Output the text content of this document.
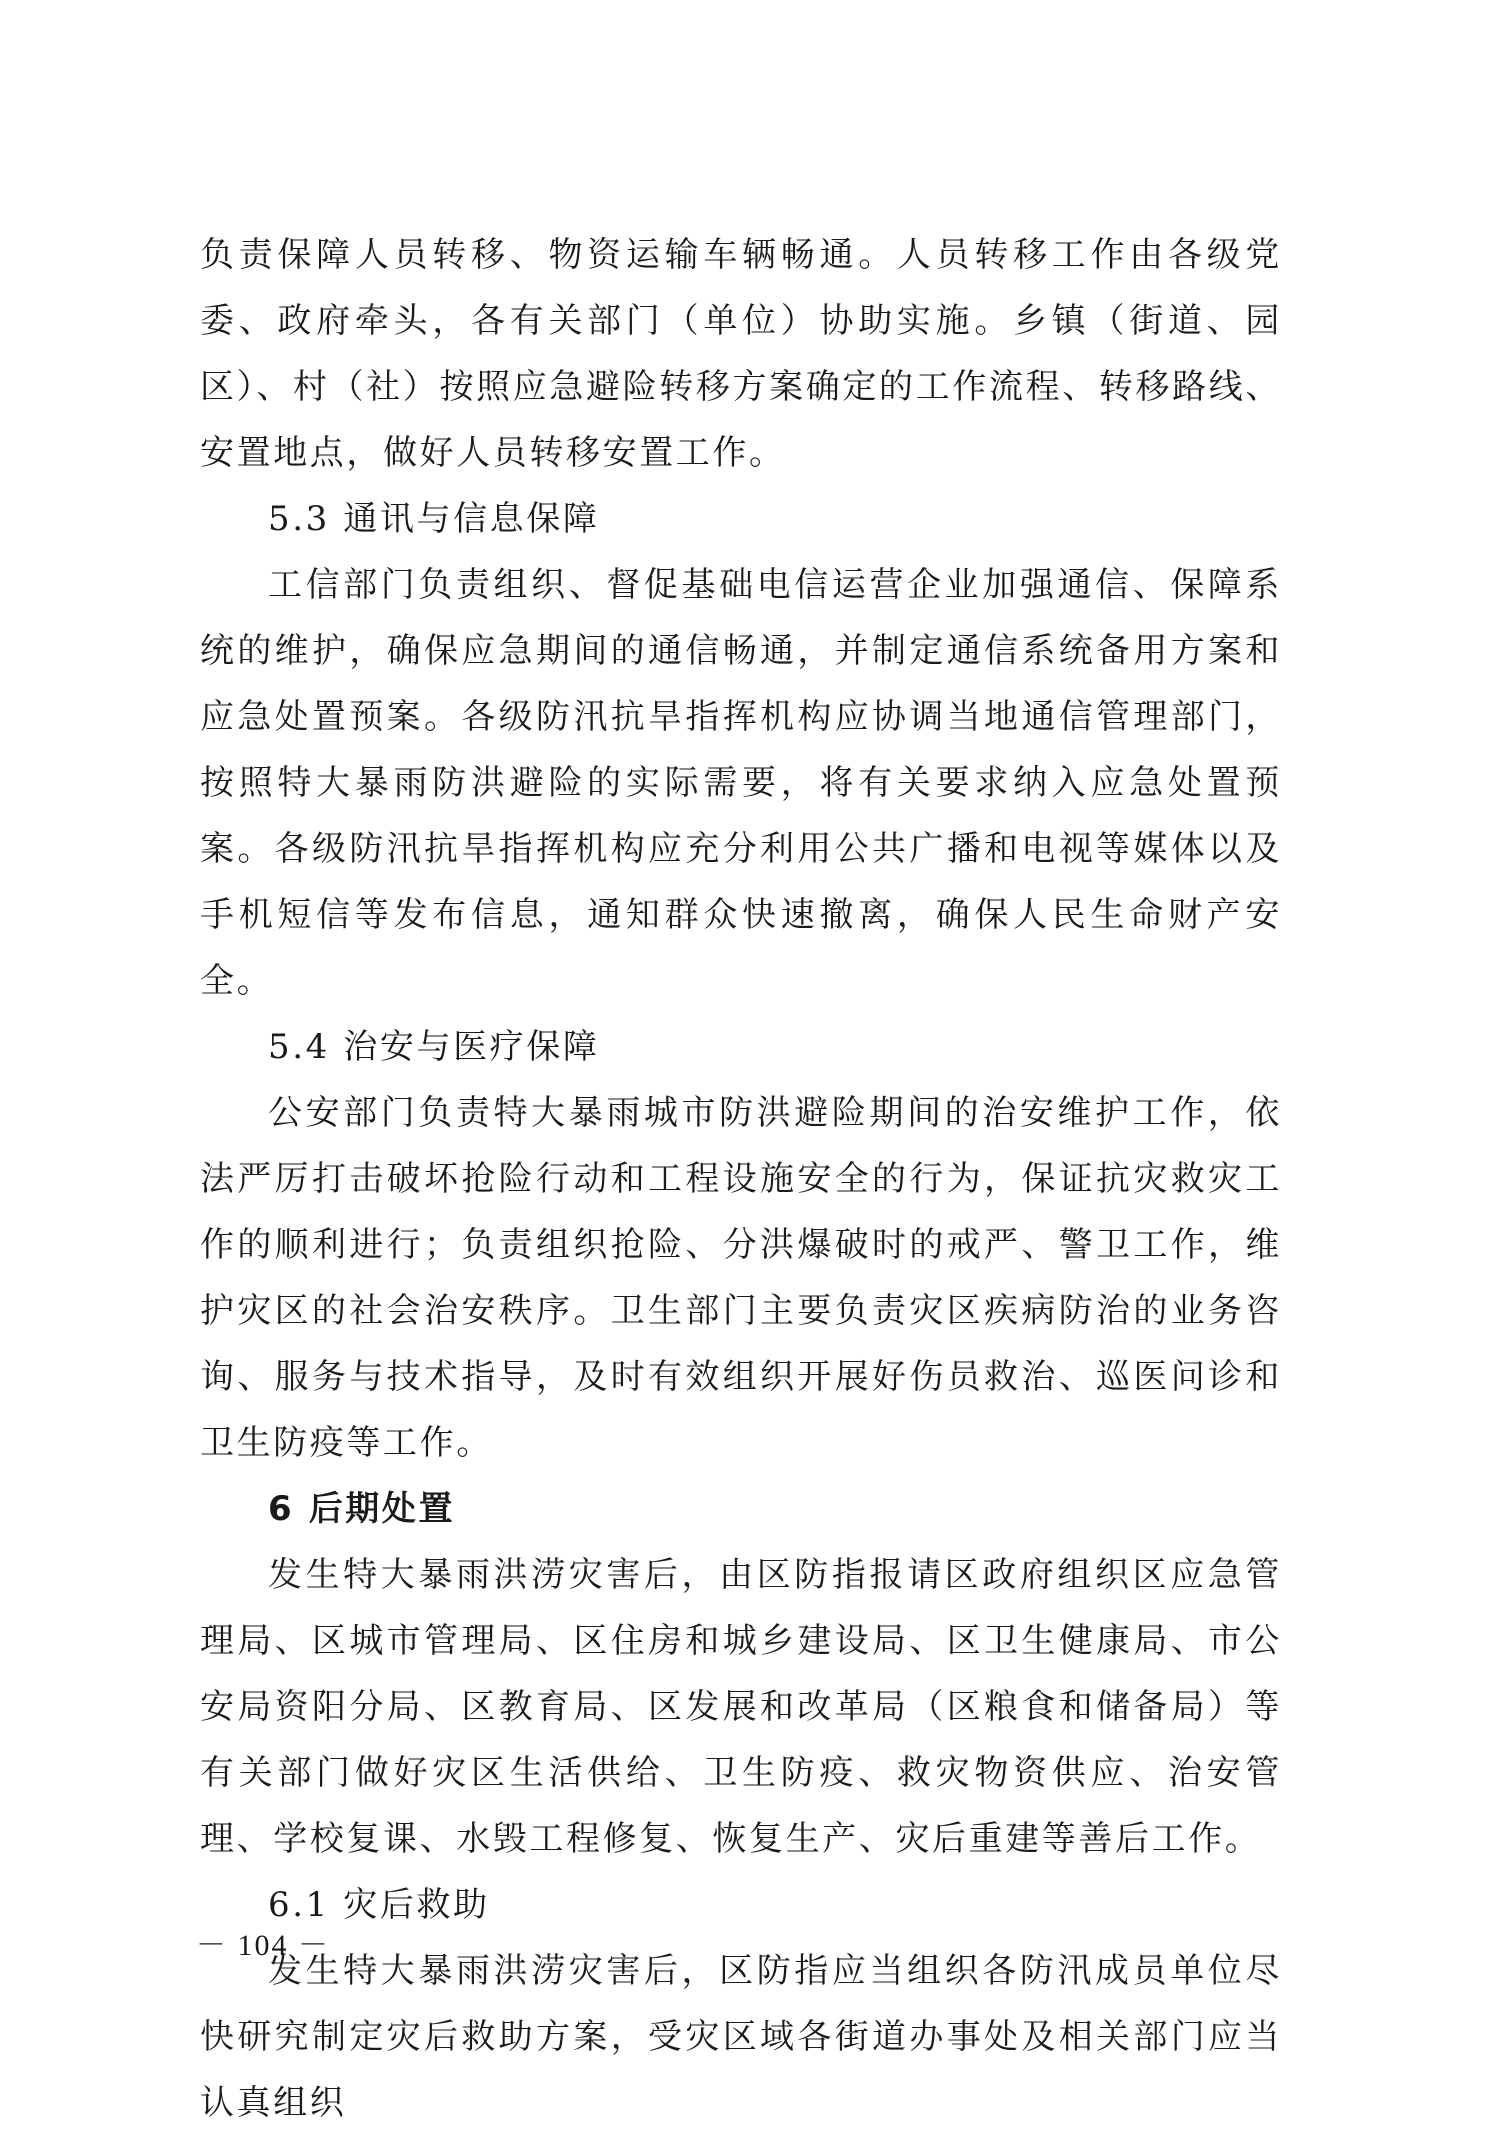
负责保障人员转移、物资运输车辆畅通。人员转移工作由各级党委、政府牵头，各有关部门（单位）协助实施。乡镇（街道、园区）、村（社）按照应急避险转移方案确定的工作流程、转移路线、安置地点，做好人员转移安置工作。

5.3 通讯与信息保障

工信部门负责组织、督促基础电信运营企业加强通信、保障系统的维护，确保应急期间的通信畅通，并制定通信系统备用方案和应急处置预案。各级防汛抗旱指挥机构应协调当地通信管理部门，按照特大暴雨防洪避险的实际需要，将有关要求纳入应急处置预案。各级防汛抗旱指挥机构应充分利用公共广播和电视等媒体以及手机短信等发布信息，通知群众快速撤离，确保人民生命财产安全。

5.4 治安与医疗保障

公安部门负责特大暴雨城市防洪避险期间的治安维护工作，依法严厉打击破坏抢险行动和工程设施安全的行为，保证抗灾救灾工作的顺利进行；负责组织抢险、分洪爆破时的戒严、警卫工作，维护灾区的社会治安秩序。卫生部门主要负责灾区疾病防治的业务咨询、服务与技术指导，及时有效组织开展好伤员救治、巡医问诊和卫生防疫等工作。

6 后期处置

发生特大暴雨洪涝灾害后，由区防指报请区政府组织区应急管理局、区城市管理局、区住房和城乡建设局、区卫生健康局、市公安局资阳分局、区教育局、区发展和改革局（区粮食和储备局）等有关部门做好灾区生活供给、卫生防疫、救灾物资供应、治安管理、学校复课、水毁工程修复、恢复生产、灾后重建等善后工作。

6.1 灾后救助

发生特大暴雨洪涝灾害后，区防指应当组织各防汛成员单位尽快研究制定灾后救助方案，受灾区域各街道办事处及相关部门应当认真组织

－ 104 －
